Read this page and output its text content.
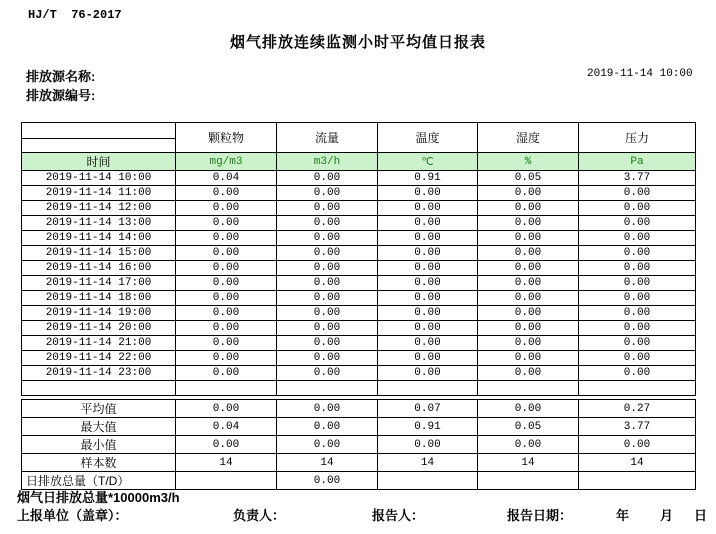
HJ/T  76-2017
烟气排放连续监测小时平均值日报表
排放源名称:
排放源编号:
2019-11-14 10:00
	颗粒物	流量	温度	湿度	压力

时间	mg/m3	m3/h	℃	%	Pa
2019-11-14 10:00	0.04	0.00	0.91	0.05	3.77
2019-11-14 11:00	0.00	0.00	0.00	0.00	0.00
2019-11-14 12:00	0.00	0.00	0.00	0.00	0.00
2019-11-14 13:00	0.00	0.00	0.00	0.00	0.00
2019-11-14 14:00	0.00	0.00	0.00	0.00	0.00
2019-11-14 15:00	0.00	0.00	0.00	0.00	0.00
2019-11-14 16:00	0.00	0.00	0.00	0.00	0.00
2019-11-14 17:00	0.00	0.00	0.00	0.00	0.00
2019-11-14 18:00	0.00	0.00	0.00	0.00	0.00
2019-11-14 19:00	0.00	0.00	0.00	0.00	0.00
2019-11-14 20:00	0.00	0.00	0.00	0.00	0.00
2019-11-14 21:00	0.00	0.00	0.00	0.00	0.00
2019-11-14 22:00	0.00	0.00	0.00	0.00	0.00
2019-11-14 23:00	0.00	0.00	0.00	0.00	0.00

平均值	0.00	0.00	0.07	0.00	0.27
最大值	0.04	0.00	0.91	0.05	3.77
最小值	0.00	0.00	0.00	0.00	0.00
样本数	14	14	14	14	14
日排放总量（T/D）		0.00			
烟气日排放总量*10000m3/h
上报单位（盖章）：	负责人：	报告人：	报告日期：	年 月 日
